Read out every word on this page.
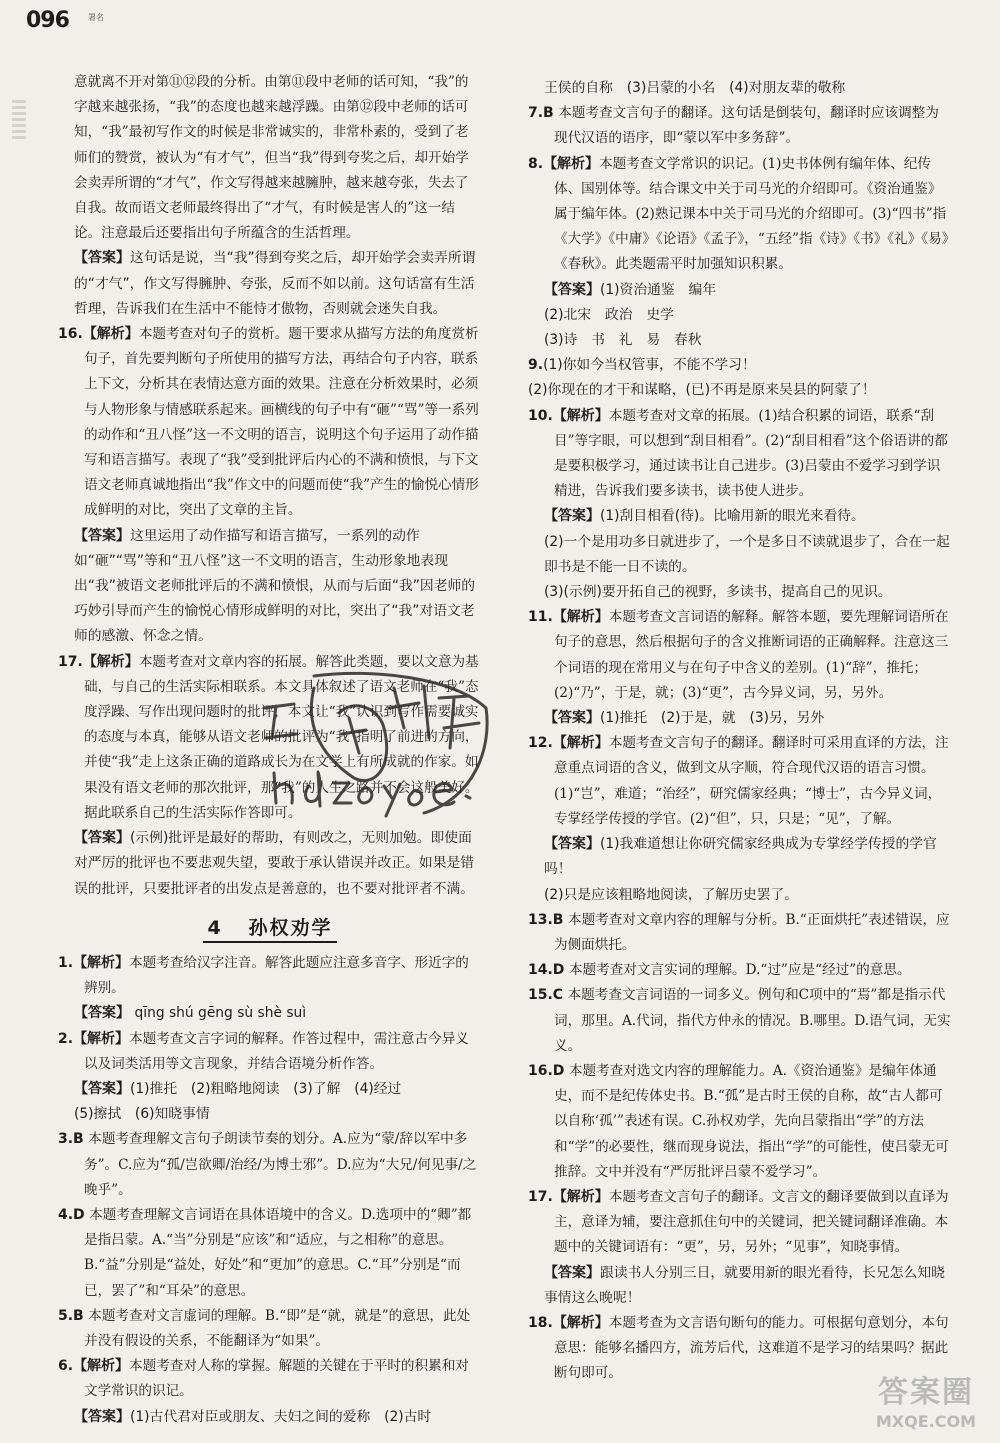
096 署名

意就离不开对第⑪⑫段的分析。由第⑪段中老师的话可知，“我”的字越来越张扬，“我”的态度也越来越浮躁。由第⑫段中老师的话可知，“我”最初写作文的时候是非常诚实的，非常朴素的，受到了老师们的赞赏，被认为“有才气”，但当“我”得到夸奖之后，却开始学会卖弄所谓的“才气”，作文写得越来越臃肿，越来越夸张，失去了自我。故而语文老师最终得出了“才气，有时候是害人的”这一结论。注意最后还要指出句子所蕴含的生活哲理。

【答案】这句话是说，当“我”得到夸奖之后，却开始学会卖弄所谓的“才气”，作文写得臃肿、夸张，反而不如以前。这句话富有生活哲理，告诉我们在生活中不能恃才傲物，否则就会迷失自我。

16.【解析】本题考查对句子的赏析。题干要求从描写方法的角度赏析句子，首先要判断句子所使用的描写方法，再结合句子内容，联系上下文，分析其在表情达意方面的效果。注意在分析效果时，必须与人物形象与情感联系起来。画横线的句子中有“砸”“骂”等一系列的动作和“丑八怪”这一不文明的语言，说明这个句子运用了动作描写和语言描写。表现了“我”受到批评后内心的不满和愤恨，与下文语文老师真诚地指出“我”作文中的问题而使“我”产生的愉悦心情形成鲜明的对比，突出了文章的主旨。

【答案】这里运用了动作描写和语言描写，一系列的动作如“砸”“骂”等和“丑八怪”这一不文明的语言，生动形象地表现出“我”被语文老师批评后的不满和愤恨，从而与后面“我”因老师的巧妙引导而产生的愉悦心情形成鲜明的对比，突出了“我”对语文老师的感激、怀念之情。

17.【解析】本题考查对文章内容的拓展。解答此类题，要以文意为基础，与自己的生活实际相联系。本文具体叙述了语文老师在“我”态度浮躁、写作出现问题时的批评，本文让“我”认识到写作需要诚实的态度与本真，能够从语文老师的批评为“我”指明了前进的方向，并使“我”走上这条正确的道路成长为在文学上有所成就的作家。如果没有语文老师的那次批评，那“我”的人生之路并不会这般美好。据此联系自己的生活实际作答即可。

【答案】(示例)批评是最好的帮助，有则改之，无则加勉。即使面对严厉的批评也不要悲观失望，要敢于承认错误并改正。如果是错误的批评，只要批评者的出发点是善意的，也不要对批评者不满。

4 孙权劝学

1.【解析】本题考查给汉字注音。解答此题应注意多音字、形近字的辨别。

【答案】 qīng shú gēng sù shè suì

2.【解析】本题考查文言字词的解释。作答过程中，需注意古今异义以及词类活用等文言现象，并结合语境分析作答。

【答案】(1)推托　(2)粗略地阅读　(3)了解　(4)经过
(5)擦拭　(6)知晓事情

3.B 本题考查理解文言句子朗读节奏的划分。A.应为“蒙/辞以军中多务”。C.应为“孤/岂欲卿/治经/为博士邪”。D.应为“大兄/何见事/之晚乎”。

4.D 本题考查理解文言词语在具体语境中的含义。D.选项中的“卿”都是指吕蒙。A.“当”分别是“应该”和“适应，与之相称”的意思。B.“益”分别是“益处，好处”和“更加”的意思。C.“耳”分别是“而已，罢了”和“耳朵”的意思。

5.B 本题考查对文言虚词的理解。B.“即”是“就，就是”的意思，此处并没有假设的关系，不能翻译为“如果”。

6.【解析】本题考查对人称的掌握。解题的关键在于平时的积累和对文学常识的识记。

【答案】(1)古代君对臣或朋友、夫妇之间的爱称　(2)古时

王侯的自称　(3)吕蒙的小名　(4)对朋友辈的敬称

7.B 本题考查文言句子的翻译。这句话是倒装句，翻译时应该调整为现代汉语的语序，即“蒙以军中多务辞”。

8.【解析】本题考查文学常识的识记。(1)史书体例有编年体、纪传体、国别体等。结合课文中关于司马光的介绍即可。《资治通鉴》属于编年体。(2)熟记课本中关于司马光的介绍即可。(3)“四书”指《大学》《中庸》《论语》《孟子》，“五经”指《诗》《书》《礼》《易》《春秋》。此类题需平时加强知识积累。

【答案】(1)资治通鉴　编年
(2)北宋　政治　史学
(3)诗　书　礼　易　春秋

9.(1)你如今当权管事，不能不学习！
(2)你现在的才干和谋略，(已)不再是原来吴县的阿蒙了！

10.【解析】本题考查对文章的拓展。(1)结合积累的词语，联系“刮目”等字眼，可以想到“刮目相看”。(2)“刮目相看”这个俗语讲的都是要积极学习，通过读书让自己进步。(3)吕蒙由不爱学习到学识精进，告诉我们要多读书，读书使人进步。

【答案】(1)刮目相看(待)。比喻用新的眼光来看待。
(2)一个是用功多日就进步了，一个是多日不读就退步了，合在一起即书是不能一日不读的。
(3)(示例)要开拓自己的视野，多读书，提高自己的见识。

11.【解析】本题考查文言词语的解释。解答本题，要先理解词语所在句子的意思，然后根据句子的含义推断词语的正确解释。注意这三个词语的现在常用义与在句子中含义的差别。(1)“辞”，推托；(2)“乃”，于是，就；(3)“更”，古今异义词，另，另外。

【答案】(1)推托　(2)于是，就　(3)另，另外

12.【解析】本题考查文言句子的翻译。翻译时可采用直译的方法，注意重点词语的含义，做到文从字顺，符合现代汉语的语言习惯。(1)“岂”，难道；“治经”，研究儒家经典；“博士”，古今异义词，专掌经学传授的学官。(2)“但”，只，只是；“见”，了解。

【答案】(1)我难道想让你研究儒家经典成为专掌经学传授的学官吗！
(2)只是应该粗略地阅读，了解历史罢了。

13.B 本题考查对文章内容的理解与分析。B.“正面烘托”表述错误，应为侧面烘托。

14.D 本题考查对文言实词的理解。D.“过”应是“经过”的意思。

15.C 本题考查文言词语的一词多义。例句和C项中的“焉”都是指示代词，那里。A.代词，指代方仲永的情况。B.哪里。D.语气词，无实义。

16.D 本题考查对选文内容的理解能力。A.《资治通鉴》是编年体通史，而不是纪传体史书。B.“孤”是古时王侯的自称，故“古人都可以自称‘孤’”表述有误。C.孙权劝学，先向吕蒙指出“学”的方法和“学”的必要性，继而现身说法，指出“学”的可能性，使吕蒙无可推辞。文中并没有“严厉批评吕蒙不爱学习”。

17.【解析】本题考查文言句子的翻译。文言文的翻译要做到以直译为主，意译为辅，要注意抓住句中的关键词，把关键词翻译准确。本题中的关键词语有：“更”，另，另外；“见事”，知晓事情。

【答案】跟读书人分别三日，就要用新的眼光看待，长兄怎么知晓事情这么晚呢！

18.【解析】本题考查为文言语句断句的能力。可根据句意划分，本句意思：能够名播四方，流芳后代，这难道不是学习的结果吗？据此断句即可。

答案圈
MXQE.COM
